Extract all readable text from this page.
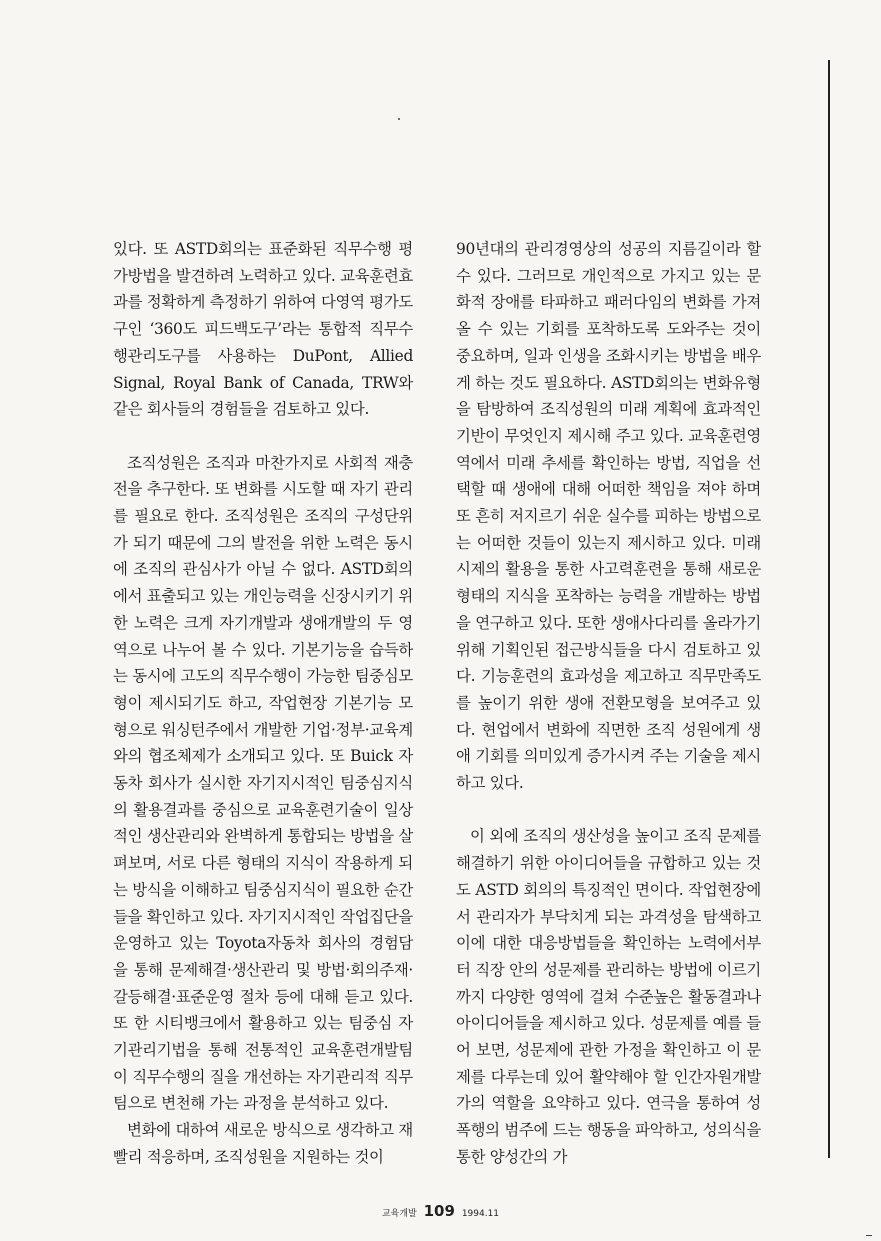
있다. 또 ASTD회의는 표준화된 직무수행 평가방법을 발견하려 노력하고 있다. 교육훈련효과를 정확하게 측정하기 위하여 다영역 평가도구인 ‘360도 피드백도구’라는 통합적 직무수행관리도구를 사용하는 DuPont, Allied Signal, Royal Bank of Canada, TRW와 같은 회사들의 경험들을 검토하고 있다.

조직성원은 조직과 마찬가지로 사회적 재충전을 추구한다. 또 변화를 시도할 때 자기 관리를 필요로 한다. 조직성원은 조직의 구성단위가 되기 때문에 그의 발전을 위한 노력은 동시에 조직의 관심사가 아닐 수 없다. ASTD회의에서 표출되고 있는 개인능력을 신장시키기 위한 노력은 크게 자기개발과 생애개발의 두 영역으로 나누어 볼 수 있다. 기본기능을 습득하는 동시에 고도의 직무수행이 가능한 팀중심모형이 제시되기도 하고, 작업현장 기본기능 모형으로 워싱턴주에서 개발한 기업·정부·교육계와의 협조체제가 소개되고 있다. 또 Buick 자동차 회사가 실시한 자기지시적인 팀중심지식의 활용결과를 중심으로 교육훈련기술이 일상적인 생산관리와 완벽하게 통합되는 방법을 살펴보며, 서로 다른 형태의 지식이 작용하게 되는 방식을 이해하고 팀중심지식이 필요한 순간들을 확인하고 있다. 자기지시적인 작업집단을 운영하고 있는 Toyota자동차 회사의 경험담을 통해 문제해결·생산관리 및 방법·회의주재·갈등해결·표준운영 절차 등에 대해 듣고 있다. 또 한 시티뱅크에서 활용하고 있는 팀중심 자기관리기법을 통해 전통적인 교육훈련개발팀이 직무수행의 질을 개선하는 자기관리적 직무팀으로 변천해 가는 과정을 분석하고 있다.

변화에 대하여 새로운 방식으로 생각하고 재빨리 적응하며, 조직성원을 지원하는 것이

90년대의 관리경영상의 성공의 지름길이라 할 수 있다. 그러므로 개인적으로 가지고 있는 문화적 장애를 타파하고 패러다임의 변화를 가져올 수 있는 기회를 포착하도록 도와주는 것이 중요하며, 일과 인생을 조화시키는 방법을 배우게 하는 것도 필요하다. ASTD회의는 변화유형을 탐방하여 조직성원의 미래 계획에 효과적인 기반이 무엇인지 제시해 주고 있다. 교육훈련영역에서 미래 추세를 확인하는 방법, 직업을 선택할 때 생애에 대해 어떠한 책임을 져야 하며 또 흔히 저지르기 쉬운 실수를 피하는 방법으로는 어떠한 것들이 있는지 제시하고 있다. 미래시제의 활용을 통한 사고력훈련을 통해 새로운 형태의 지식을 포착하는 능력을 개발하는 방법을 연구하고 있다. 또한 생애사다리를 올라가기 위해 기획인된 접근방식들을 다시 검토하고 있다. 기능훈련의 효과성을 제고하고 직무만족도를 높이기 위한 생애 전환모형을 보여주고 있다. 현업에서 변화에 직면한 조직 성원에게 생애 기회를 의미있게 증가시켜 주는 기술을 제시하고 있다.

이 외에 조직의 생산성을 높이고 조직 문제를 해결하기 위한 아이디어들을 규합하고 있는 것도 ASTD 회의의 특징적인 면이다. 작업현장에서 관리자가 부닥치게 되는 과격성을 탐색하고 이에 대한 대응방법들을 확인하는 노력에서부터 직장 안의 성문제를 관리하는 방법에 이르기까지 다양한 영역에 걸쳐 수준높은 활동결과나 아이디어들을 제시하고 있다. 성문제를 예를 들어 보면, 성문제에 관한 가정을 확인하고 이 문제를 다루는데 있어 활약해야 할 인간자원개발가의 역할을 요약하고 있다. 연극을 통하여 성폭행의 범주에 드는 행동을 파악하고, 성의식을 통한 양성간의 가

교육개발 109 1994.11
